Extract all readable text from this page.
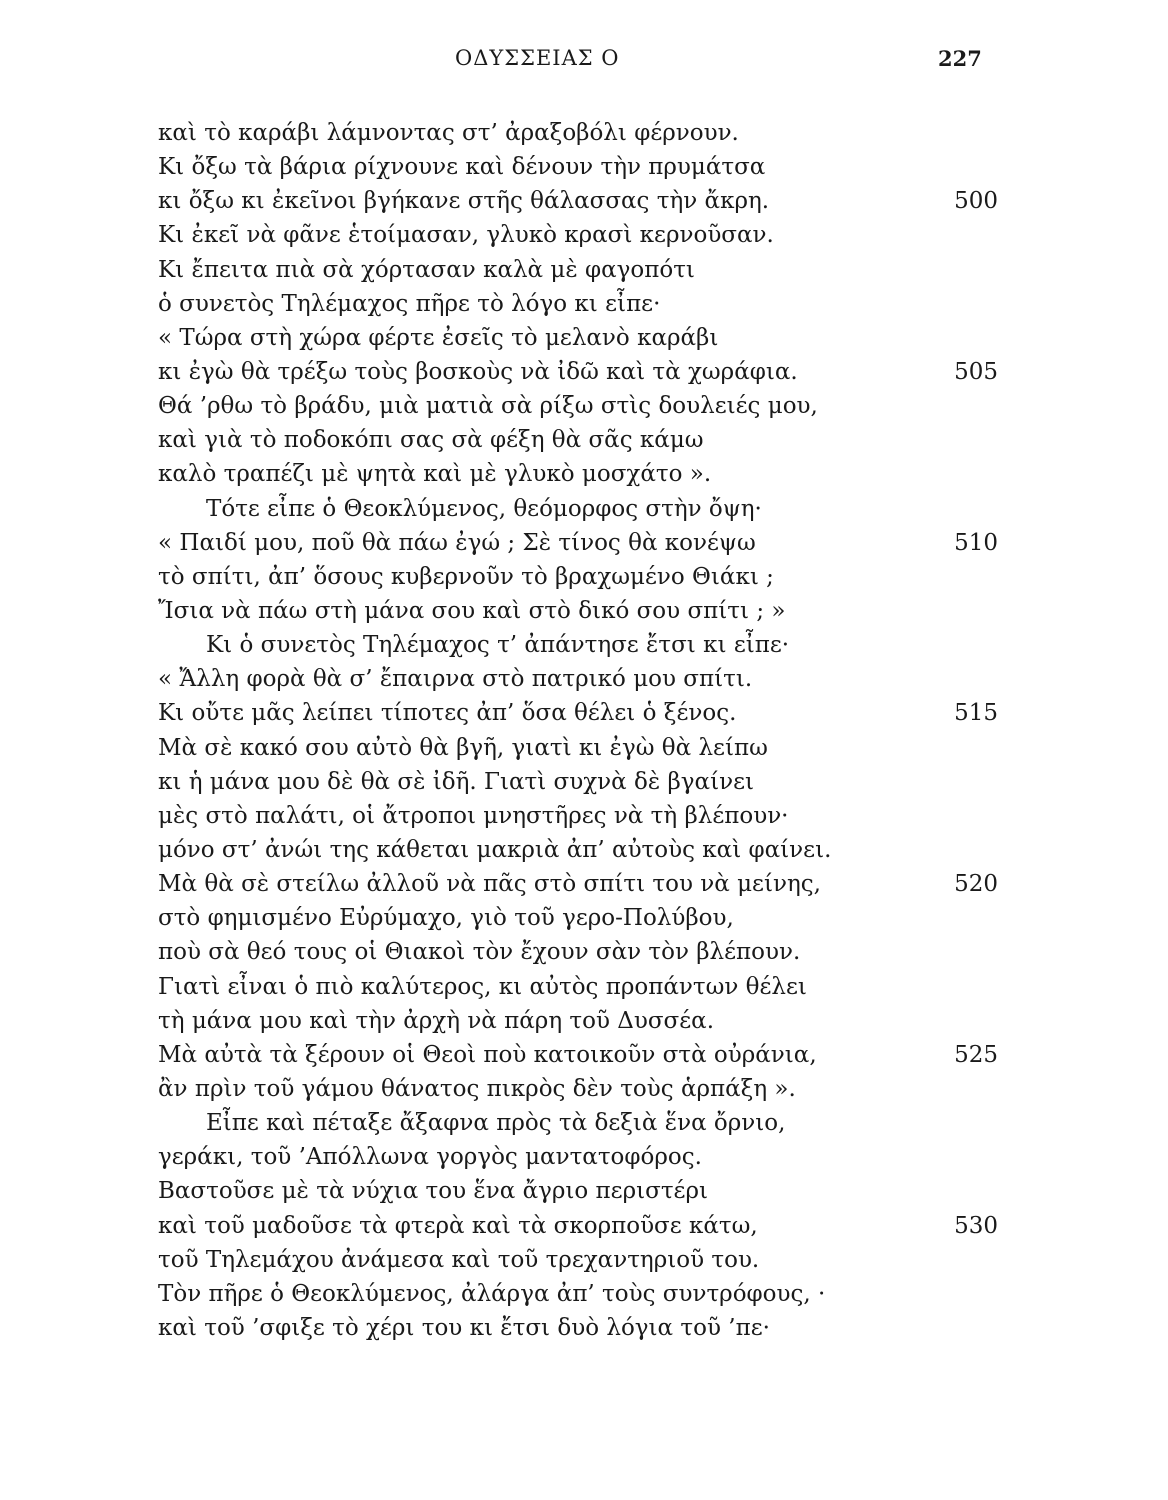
ΟΔΥΣΣΕΙΑΣ Ο	227
καὶ τὸ καράβι λάμνοντας στ’ ἀραξοβόλι φέρνουν.
Κι ὄξω τὰ βάρια ρίχνουνε καὶ δένουν τὴν πρυμάτσα
κι ὄξω κι ἐκεῖνοι βγήκανε στῆς θάλασσας τὴν ἄκρη.	500
Κι ἐκεῖ νὰ φᾶνε ἑτοίμασαν, γλυκὸ κρασὶ κερνοῦσαν.
Κι ἔπειτα πιὰ σὰ χόρτασαν καλὰ μὲ φαγοπότι
ὁ συνετὸς Τηλέμαχος πῆρε τὸ λόγο κι εἶπε·
« Τώρα στὴ χώρα φέρτε ἐσεῖς τὸ μελανὸ καράβι
κι ἐγὼ θὰ τρέξω τοὺς βοσκοὺς νὰ ἰδῶ καὶ τὰ χωράφια.	505
Θά ’ρθω τὸ βράδυ, μιὰ ματιὰ σὰ ρίξω στὶς δουλειές μου,
καὶ γιὰ τὸ ποδοκόπι σας σὰ φέξη θὰ σᾶς κάμω
καλὸ τραπέζι μὲ ψητὰ καὶ μὲ γλυκὸ μοσχάτο ».
Τότε εἶπε ὁ Θεοκλύμενος, θεόμορφος στὴν ὄψη·
« Παιδί μου, ποῦ θὰ πάω ἐγώ ; Σὲ τίνος θὰ κονέψω	510
τὸ σπίτι, ἀπ’ ὅσους κυβερνοῦν τὸ βραχωμένο Θιάκι ;
Ἴσια νὰ πάω στὴ μάνα σου καὶ στὸ δικό σου σπίτι ; »
Κι ὁ συνετὸς Τηλέμαχος τ’ ἀπάντησε ἔτσι κι εἶπε·
« Ἄλλη φορὰ θὰ σ’ ἔπαιρνα στὸ πατρικό μου σπίτι.
Κι οὔτε μᾶς λείπει τίποτες ἀπ’ ὅσα θέλει ὁ ξένος.	515
Μὰ σὲ κακό σου αὐτὸ θὰ βγῆ, γιατὶ κι ἐγὼ θὰ λείπω
κι ἡ μάνα μου δὲ θὰ σὲ ἰδῆ. Γιατὶ συχνὰ δὲ βγαίνει
μὲς στὸ παλάτι, οἱ ἄτροποι μνηστῆρες νὰ τὴ βλέπουν·
μόνο στ’ ἀνώι της κάθεται μακριὰ ἀπ’ αὐτοὺς καὶ φαίνει.
Μὰ θὰ σὲ στείλω ἀλλοῦ νὰ πᾶς στὸ σπίτι του νὰ μείνης,	520
στὸ φημισμένο Εὐρύμαχο, γιὸ τοῦ γερο-Πολύβου,
ποὺ σὰ θεό τους οἱ Θιακοὶ τὸν ἔχουν σὰν τὸν βλέπουν.
Γιατὶ εἶναι ὁ πιὸ καλύτερος, κι αὐτὸς προπάντων θέλει
τὴ μάνα μου καὶ τὴν ἀρχὴ νὰ πάρη τοῦ Δυσσέα.
Μὰ αὐτὰ τὰ ξέρουν οἱ Θεοὶ ποὺ κατοικοῦν στὰ οὐράνια,	525
ἂν πρὶν τοῦ γάμου θάνατος πικρὸς δὲν τοὺς ἁρπάξη ».
Εἶπε καὶ πέταξε ἄξαφνα πρὸς τὰ δεξιὰ ἕνα ὄρνιο,
γεράκι, τοῦ ’Απόλλωνα γοργὸς μαντατοφόρος.
Βαστοῦσε μὲ τὰ νύχια του ἕνα ἄγριο περιστέρι
καὶ τοῦ μαδοῦσε τὰ φτερὰ καὶ τὰ σκορποῦσε κάτω,	530
τοῦ Τηλεμάχου ἀνάμεσα καὶ τοῦ τρεχαντηριοῦ του.
Τὸν πῆρε ὁ Θεοκλύμενος, ἀλάργα ἀπ’ τοὺς συντρόφους, ·
καὶ τοῦ ’σφιξε τὸ χέρι του κι ἔτσι δυὸ λόγια τοῦ ’πε·
